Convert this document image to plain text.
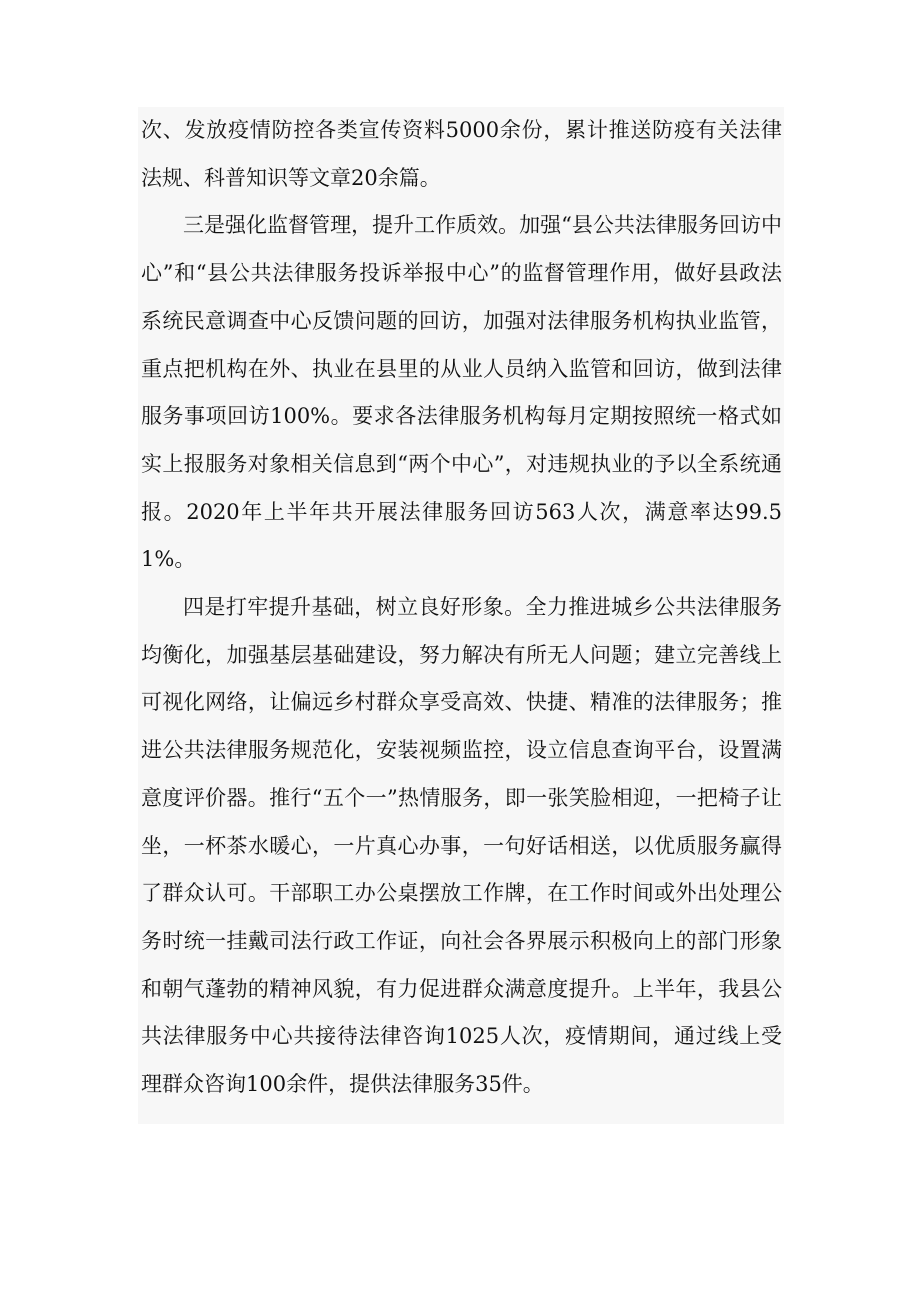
次、发放疫情防控各类宣传资料5000余份，累计推送防疫有关法律法规、科普知识等文章20余篇。

三是强化监督管理，提升工作质效。加强“县公共法律服务回访中心”和“县公共法律服务投诉举报中心”的监督管理作用，做好县政法系统民意调查中心反馈问题的回访，加强对法律服务机构执业监管，重点把机构在外、执业在县里的从业人员纳入监管和回访，做到法律服务事项回访100%。要求各法律服务机构每月定期按照统一格式如实上报服务对象相关信息到“两个中心”，对违规执业的予以全系统通报。2020年上半年共开展法律服务回访563人次，满意率达99.51%。

四是打牢提升基础，树立良好形象。全力推进城乡公共法律服务均衡化，加强基层基础建设，努力解决有所无人问题；建立完善线上可视化网络，让偏远乡村群众享受高效、快捷、精准的法律服务；推进公共法律服务规范化，安装视频监控，设立信息查询平台，设置满意度评价器。推行“五个一”热情服务，即一张笑脸相迎，一把椅子让坐，一杯茶水暖心，一片真心办事，一句好话相送，以优质服务赢得了群众认可。干部职工办公桌摆放工作牌，在工作时间或外出处理公务时统一挂戴司法行政工作证，向社会各界展示积极向上的部门形象和朝气蓬勃的精神风貌，有力促进群众满意度提升。上半年，我县公共法律服务中心共接待法律咨询1025人次，疫情期间，通过线上受理群众咨询100余件，提供法律服务35件。
